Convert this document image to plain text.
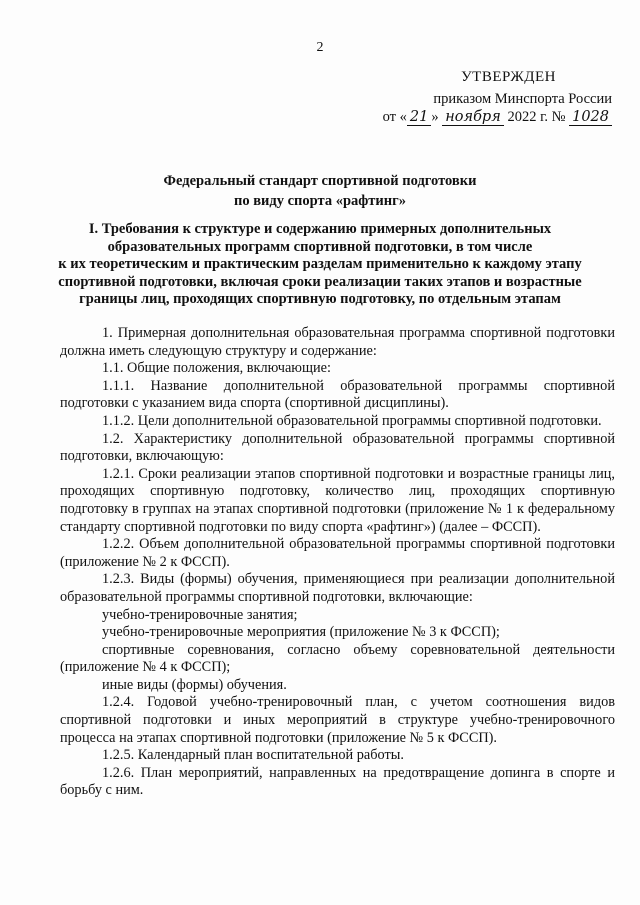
2
УТВЕРЖДЕН
приказом Минспорта России
от « 21 » ноября 2022 г. № 1028
Федеральный стандарт спортивной подготовки
по виду спорта «рафтинг»
I. Требования к структуре и содержанию примерных дополнительных
образовательных программ спортивной подготовки, в том числе
к их теоретическим и практическим разделам применительно к каждому этапу
спортивной подготовки, включая сроки реализации таких этапов и возрастные
границы лиц, проходящих спортивную подготовку, по отдельным этапам

1. Примерная дополнительная образовательная программа спортивной подготовки должна иметь следующую структуру и содержание:

1.1. Общие положения, включающие:

1.1.1. Название дополнительной образовательной программы спортивной подготовки с указанием вида спорта (спортивной дисциплины).

1.1.2. Цели дополнительной образовательной программы спортивной подготовки.

1.2. Характеристику дополнительной образовательной программы спортивной подготовки, включающую:

1.2.1. Сроки реализации этапов спортивной подготовки и возрастные границы лиц, проходящих спортивную подготовку, количество лиц, проходящих спортивную подготовку в группах на этапах спортивной подготовки (приложение № 1 к федеральному стандарту спортивной подготовки по виду спорта «рафтинг») (далее – ФССП).

1.2.2. Объем дополнительной образовательной программы спортивной подготовки (приложение № 2 к ФССП).

1.2.3. Виды (формы) обучения, применяющиеся при реализации дополнительной образовательной программы спортивной подготовки, включающие:

учебно-тренировочные занятия;

учебно-тренировочные мероприятия (приложение № 3 к ФССП);

спортивные соревнования, согласно объему соревновательной деятельности (приложение № 4 к ФССП);

иные виды (формы) обучения.

1.2.4. Годовой учебно-тренировочный план, с учетом соотношения видов спортивной подготовки и иных мероприятий в структуре учебно-тренировочного процесса на этапах спортивной подготовки (приложение № 5 к ФССП).

1.2.5. Календарный план воспитательной работы.

1.2.6. План мероприятий, направленных на предотвращение допинга в спорте и борьбу с ним.
